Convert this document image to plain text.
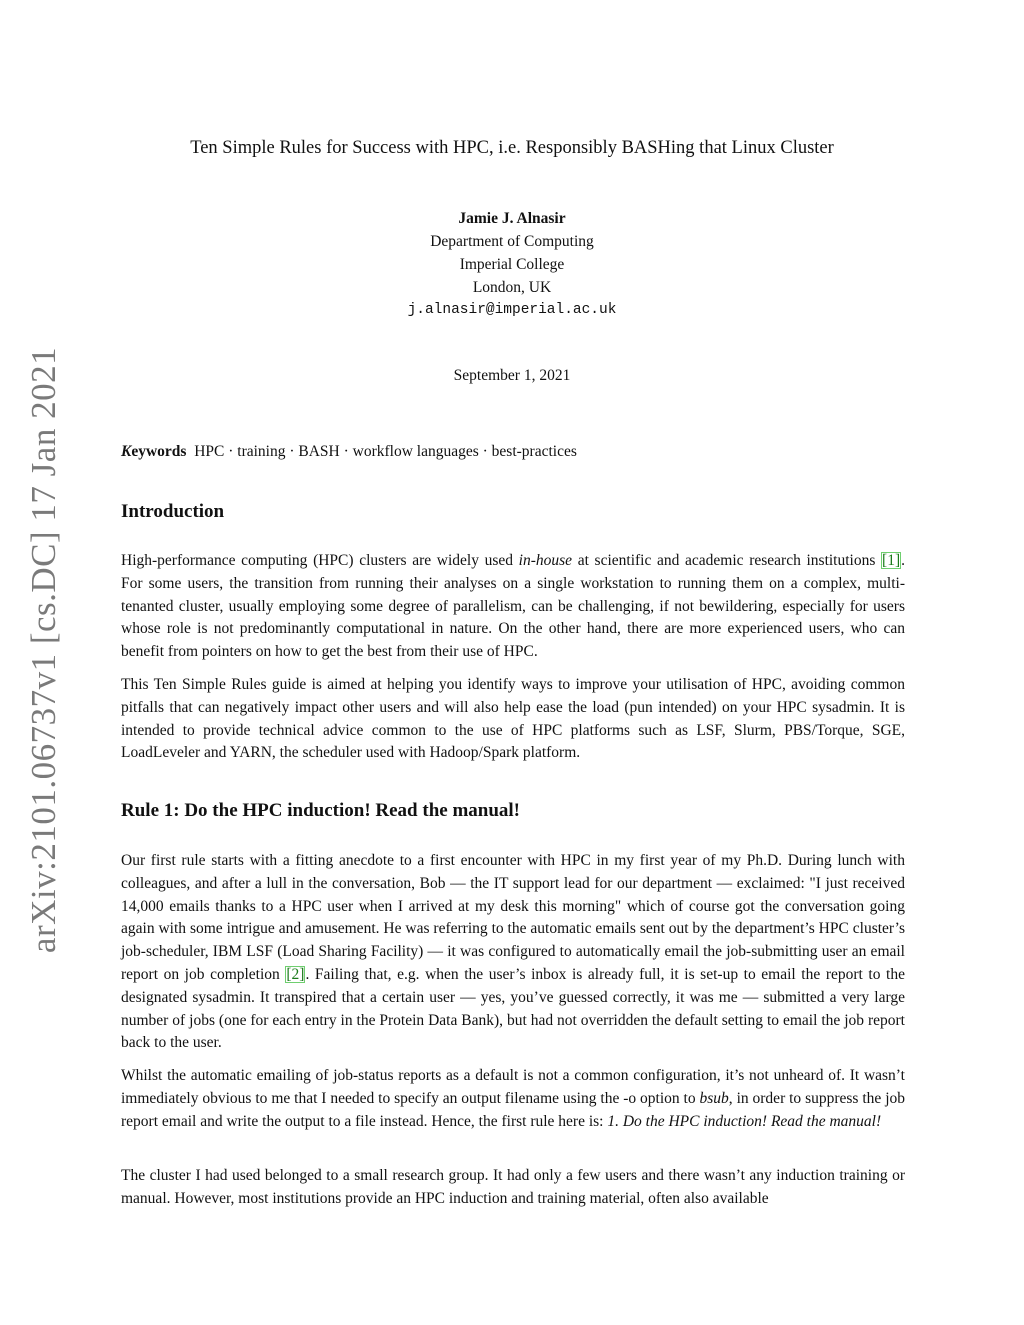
arXiv:2101.06737v1 [cs.DC] 17 Jan 2021
Ten Simple Rules for Success with HPC, i.e. Responsibly BASHing that Linux Cluster
Jamie J. Alnasir
Department of Computing
Imperial College
London, UK
j.alnasir@imperial.ac.uk
September 1, 2021
Keywords HPC · training · BASH · workflow languages · best-practices
Introduction

High-performance computing (HPC) clusters are widely used in-house at scientific and academic research institutions [1]. For some users, the transition from running their analyses on a single workstation to running them on a complex, multi-tenanted cluster, usually employing some degree of parallelism, can be challenging, if not bewildering, especially for users whose role is not predominantly computational in nature. On the other hand, there are more experienced users, who can benefit from pointers on how to get the best from their use of HPC.

This Ten Simple Rules guide is aimed at helping you identify ways to improve your utilisation of HPC, avoiding common pitfalls that can negatively impact other users and will also help ease the load (pun intended) on your HPC sysadmin. It is intended to provide technical advice common to the use of HPC platforms such as LSF, Slurm, PBS/Torque, SGE, LoadLeveler and YARN, the scheduler used with Hadoop/Spark platform.

Rule 1: Do the HPC induction! Read the manual!

Our first rule starts with a fitting anecdote to a first encounter with HPC in my first year of my Ph.D. During lunch with colleagues, and after a lull in the conversation, Bob — the IT support lead for our department — exclaimed: "I just received 14,000 emails thanks to a HPC user when I arrived at my desk this morning" which of course got the conversation going again with some intrigue and amusement. He was referring to the automatic emails sent out by the department’s HPC cluster’s job-scheduler, IBM LSF (Load Sharing Facility) — it was configured to automatically email the job-submitting user an email report on job completion [2]. Failing that, e.g. when the user’s inbox is already full, it is set-up to email the report to the designated sysadmin. It transpired that a certain user — yes, you’ve guessed correctly, it was me — submitted a very large number of jobs (one for each entry in the Protein Data Bank), but had not overridden the default setting to email the job report back to the user.

Whilst the automatic emailing of job-status reports as a default is not a common configuration, it’s not unheard of. It wasn’t immediately obvious to me that I needed to specify an output filename using the -o option to bsub, in order to suppress the job report email and write the output to a file instead. Hence, the first rule here is: 1. Do the HPC induction! Read the manual!

The cluster I had used belonged to a small research group. It had only a few users and there wasn’t any induction training or manual. However, most institutions provide an HPC induction and training material, often also available
